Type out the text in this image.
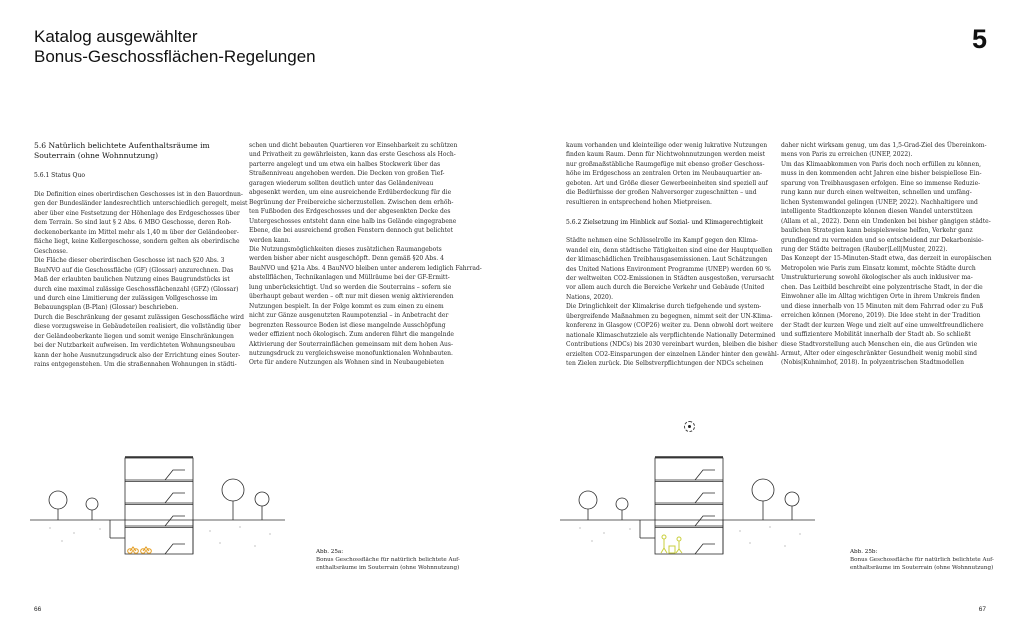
Katalog ausgewählter
Bonus-Geschossflächen-Regelungen
5
5.6 Natürlich belichtete Aufenthaltsräume im
Souterrain (ohne Wohnnutzung)
5.6.1 Status Quo

Die Definition eines oberirdischen Geschosses ist in den Bauordnun-

gen der Bundesländer landesrechtlich unterschiedlich geregelt, meist

aber über eine Festsetzung der Höhenlage des Erdgeschosses über

dem Terrain. So sind laut § 2 Abs. 6 MBO Geschosse, deren Roh-

deckenoberkante im Mittel mehr als 1,40 m über der Geländeober-

fläche liegt, keine Kellergeschosse, sondern gelten als oberirdische

Geschosse.

Die Fläche dieser oberirdischen Geschosse ist nach §20 Abs. 3

BauNVO auf die Geschossfläche (GF) (Glossar) anzurechnen. Das

Maß der erlaubten baulichen Nutzung eines Baugrundstücks ist

durch eine maximal zulässige Geschossflächenzahl (GFZ) (Glossar)

und durch eine Limitierung der zulässigen Vollgeschosse im

Bebauungsplan (B-Plan) (Glossar) beschrieben.

Durch die Beschränkung der gesamt zulässigen Geschossfläche wird

diese vorzugsweise in Gebäudeteilen realisiert, die vollständig über

der Geländeoberkante liegen und somit wenige Einschränkungen

bei der Nutzbarkeit aufweisen. Im verdichteten Wohnungsneubau

kann der hohe Ausnutzungsdruck also der Errichtung eines Souter-

rains entgegenstehen. Um die straßennahen Wohnungen in städti-

schen und dicht bebauten Quartieren vor Einsehbarkeit zu schützen

und Privatheit zu gewährleisten, kann das erste Geschoss als Hoch-

parterre angelegt und um etwa ein halbes Stockwerk über das

Straßenniveau angehoben werden. Die Decken von großen Tief-

garagen wiederum sollten deutlich unter das Geländeniveau

abgesenkt werden, um eine ausreichende Erdüberdeckung für die

Begrünung der Freibereiche sicherzustellen. Zwischen dem erhöh-

ten Fußboden des Erdgeschosses und der abgesenkten Decke des

Untergeschosses entsteht dann eine halb ins Gelände eingegrabene

Ebene, die bei ausreichend großen Fenstern dennoch gut belichtet

werden kann.

Die Nutzungsmöglichkeiten dieses zusätzlichen Raumangebots

werden bisher aber nicht ausgeschöpft. Denn gemäß §20 Abs. 4

BauNVO und §21a Abs. 4 BauNVO bleiben unter anderem lediglich Fahrrad-

abstellflächen, Technikanlagen und Müllräume bei der GF-Ermitt-

lung unberücksichtigt. Und so werden die Souterrains – sofern sie

überhaupt gebaut werden – oft nur mit diesen wenig aktivierenden

Nutzungen bespielt. In der Folge kommt es zum einen zu einem

nicht zur Gänze ausgenutzten Raumpotenzial – in Anbetracht der

begrenzten Ressource Boden ist diese mangelnde Ausschöpfung

weder effizient noch ökologisch. Zum anderen führt die mangelnde

Aktivierung der Souterrainflächen gemeinsam mit dem hohen Aus-

nutzungsdruck zu vergleichsweise monofunktionalen Wohnbauten.

Orte für andere Nutzungen als Wohnen sind in Neubaugebieten

kaum vorhanden und kleinteilige oder wenig lukrative Nutzungen

finden kaum Raum. Denn für Nichtwohnnutzungen werden meist

nur großmaßstäbliche Raumgefüge mit ebenso großer Geschoss-

höhe im Erdgeschoss an zentralen Orten im Neubauquartier an-

geboten. Art und Größe dieser Gewerbeeinheiten sind speziell auf

die Bedürfnisse der großen Nahversorger zugeschnitten – und

resultieren in entsprechend hohen Mietpreisen.

5.6.2 Zielsetzung im Hinblick auf Sozial- und Klimagerechtigkeit

Städte nehmen eine Schlüsselrolle im Kampf gegen den Klima-

wandel ein, denn städtische Tätigkeiten sind eine der Hauptquellen

der klimaschädlichen Treibhausgasemissionen. Laut Schätzungen

des United Nations Environment Programme (UNEP) werden 60 %

der weltweiten CO2-Emissionen in Städten ausgestoßen, verursacht

vor allem auch durch die Bereiche Verkehr und Gebäude (United

Nations, 2020).

Die Dringlichkeit der Klimakrise durch tiefgehende und system-

übergreifende Maßnahmen zu begegnen, nimmt seit der UN-Klima-

konferenz in Glasgow (COP26) weiter zu. Denn obwohl dort weitere

nationale Klimaschutzziele als verpflichtende Nationally Determined

Contributions (NDCs) bis 2030 vereinbart wurden, bleiben die bisher

erzielten CO2-Einsparungen der einzelnen Länder hinter den gewähl-

ten Zielen zurück. Die Selbstverpflichtungen der NDCs scheinen

daher nicht wirksam genug, um das 1,5-Grad-Ziel des Übereinkom-

mens von Paris zu erreichen (UNEP, 2022).

Um das Klimaabkommen von Paris doch noch erfüllen zu können,

muss in den kommenden acht Jahren eine bisher beispiellose Ein-

sparung von Treibhausgasen erfolgen. Eine so immense Reduzie-

rung kann nur durch einen weltweiten, schnellen und umfäng-

lichen Systemwandel gelingen (UNEP, 2022). Nachhaltigere und

intelligente Stadtkonzepte können diesen Wandel unterstützen

(Allam et al., 2022). Denn ein Umdenken bei bisher gängigen städte-

baulichen Strategien kann beispielsweise helfen, Verkehr ganz

grundlegend zu vermeiden und so entscheidend zur Dekarbonisie-

rung der Städte beitragen (Rauber|Lell|Muster, 2022).

Das Konzept der 15-Minuten-Stadt etwa, das derzeit in europäischen

Metropolen wie Paris zum Einsatz kommt, möchte Städte durch

Umstrukturierung sowohl ökologischer als auch inklusiver ma-

chen. Das Leitbild beschreibt eine polyzentrische Stadt, in der die

Einwohner alle im Alltag wichtigen Orte in ihrem Umkreis finden

und diese innerhalb von 15 Minuten mit dem Fahrrad oder zu Fuß

erreichen können (Moreno, 2019). Die Idee steht in der Tradition

der Stadt der kurzen Wege und zielt auf eine umweltfreundlichere

und suffizientere Mobilität innerhalb der Stadt ab. So schließt

diese Stadtvorstellung auch Menschen ein, die aus Gründen wie

Armut, Alter oder eingeschränkter Gesundheit wenig mobil sind

(Nobis|Kuhnimhof, 2018). In polyzentrischen Stadtmodellen

Abb. 25a:
Bonus Geschossfläche für natürlich belichtete Auf-
enthaltsräume im Souterrain (ohne Wohnnutzung)
Abb. 25b:
Bonus Geschossfläche für natürlich belichtete Auf-
enthaltsräume im Souterrain (ohne Wohnnutzung)
66	67
